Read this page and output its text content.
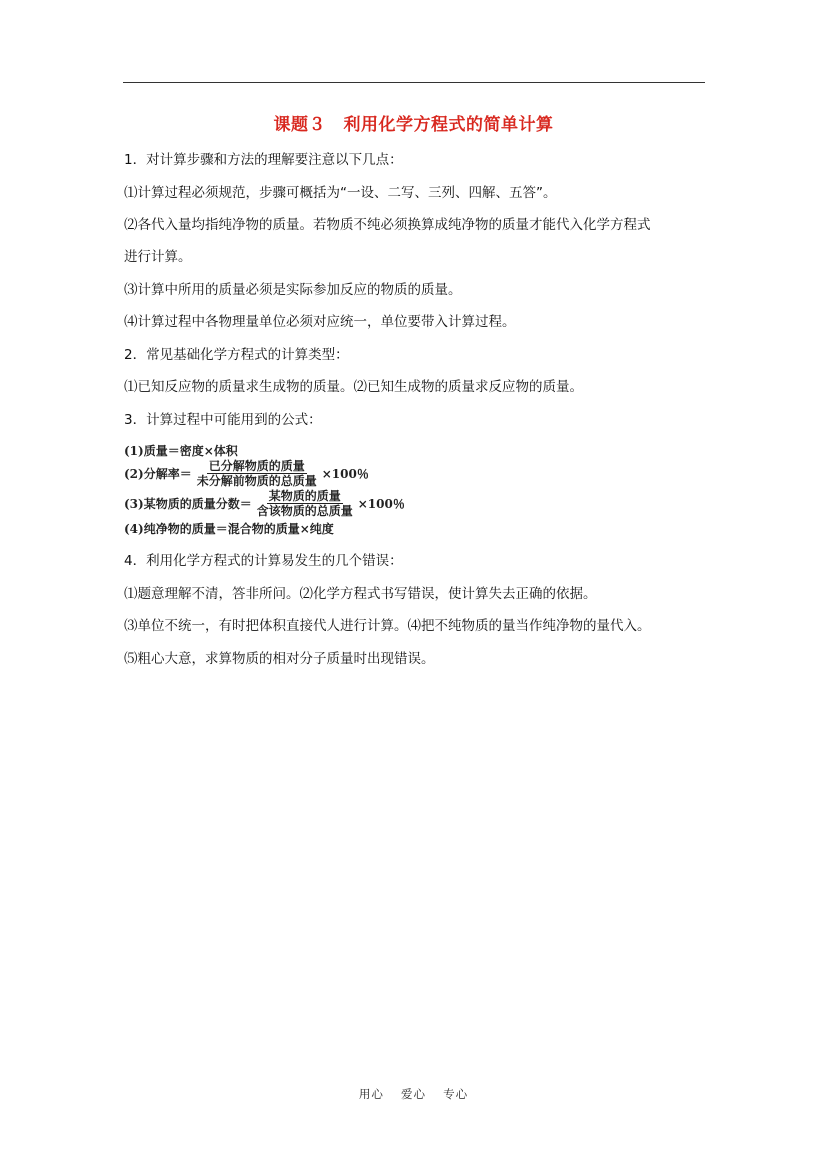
课题３　利用化学方程式的简单计算
1．对计算步骤和方法的理解要注意以下几点：
⑴计算过程必须规范，步骤可概括为“一设、二写、三列、四解、五答”。
⑵各代入量均指纯净物的质量。若物质不纯必须换算成纯净物的质量才能代入化学方程式
进行计算。
⑶计算中所用的质量必须是实际参加反应的物质的质量。
⑷计算过程中各物理量单位必须对应统一，单位要带入计算过程。
2．常见基础化学方程式的计算类型：
⑴已知反应物的质量求生成物的质量。⑵已知生成物的质量求反应物的质量。
3．计算过程中可能用到的公式：
(1)质量＝密度×体积
(2)分解率＝ $\frac{\text{已分解物质的质量}}{\text{未分解前物质的总质量}} \times 100$％
(3)某物质的质量分数＝ $\frac{\text{某物质的质量}}{\text{含该物质的总质量}} \times 100$％
(4)纯净物的质量＝混合物的质量×纯度
4．利用化学方程式的计算易发生的几个错误：
⑴题意理解不清，答非所问。⑵化学方程式书写错误，使计算失去正确的依据。
⑶单位不统一，有时把体积直接代人进行计算。⑷把不纯物质的量当作纯净物的量代入。
⑸粗心大意，求算物质的相对分子质量时出现错误。
用心　 爱心　 专心
